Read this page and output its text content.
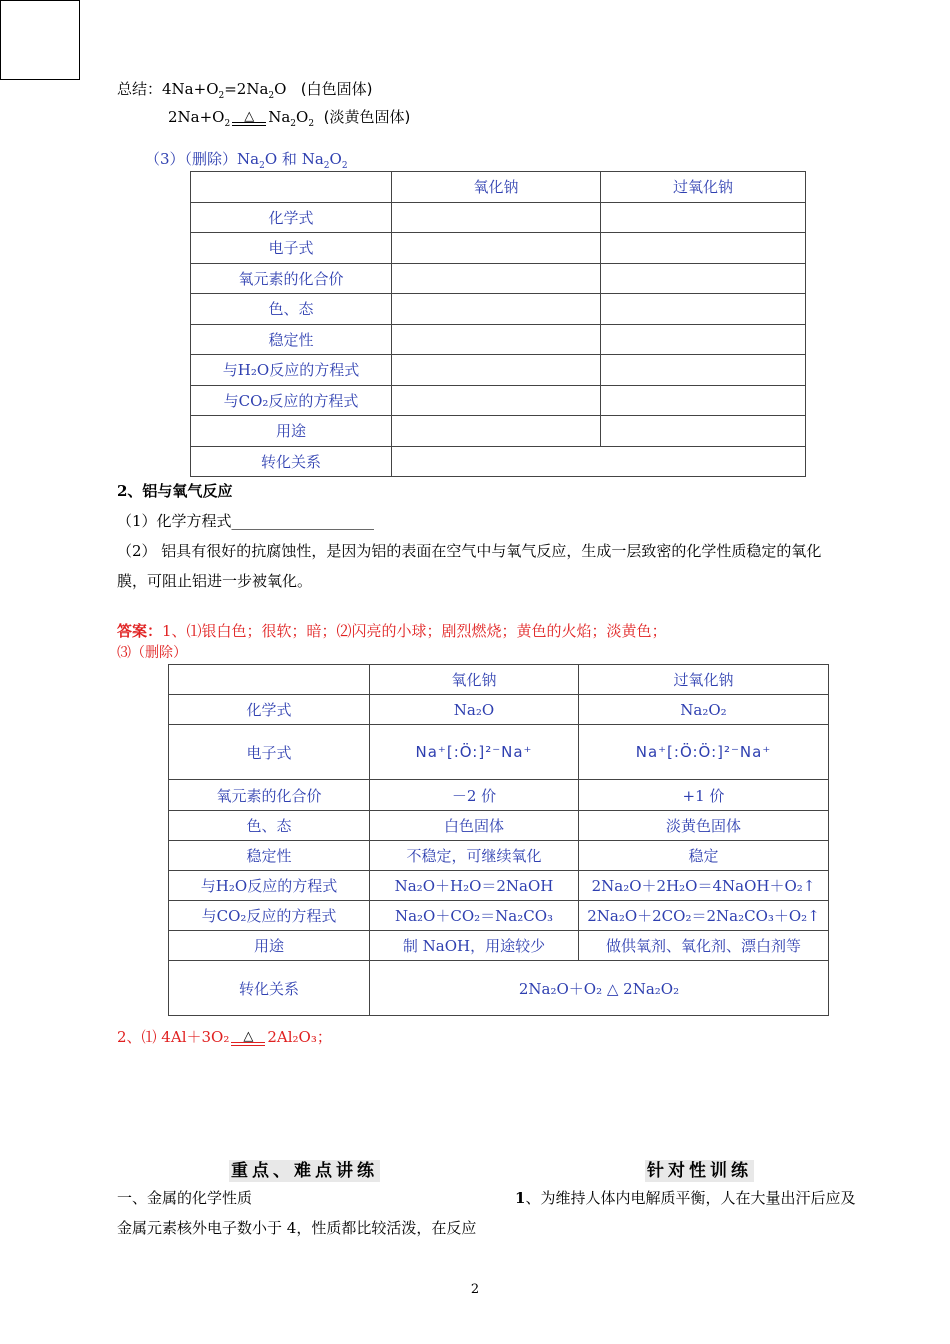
总结：$4Na+O_2=2Na_2O$   (白色固体)
$2Na+O_2$ △ $Na_2O_2$ (淡黄色固体)
（3）（删除）$Na_2O$ 和 $Na_2O_2$
	氧化钠	过氧化钠
化学式		
电子式		
氧元素的化合价		
色、态		
稳定性		
与H₂O反应的方程式		
与CO₂反应的方程式		
用途		
转化关系		
2、铝与氧气反应
（1）化学方程式___________________
（2） 铝具有很好的抗腐蚀性，是因为铝的表面在空气中与氧气反应，生成一层致密的化学性质稳定的氧化
膜，可阻止铝进一步被氧化。
答案：1、⑴银白色；很软；暗；⑵闪亮的小球；剧烈燃烧；黄色的火焰；淡黄色；
⑶（删除）
	氧化钠	过氧化钠
化学式	Na₂O	Na₂O₂
电子式	Na⁺[:Ö:]²⁻Na⁺	Na⁺[:Ö:Ö:]²⁻Na⁺
氧元素的化合价	－2 价	+1 价
色、态	白色固体	淡黄色固体
稳定性	不稳定，可继续氧化	稳定
与H₂O反应的方程式	Na₂O＋H₂O＝2NaOH	2Na₂O＋2H₂O＝4NaOH＋O₂↑
与CO₂反应的方程式	Na₂O＋CO₂＝Na₂CO₃	2Na₂O＋2CO₂＝2Na₂CO₃＋O₂↑
用途	制 NaOH，用途较少	做供氧剂、氧化剂、漂白剂等
转化关系	2Na₂O＋O₂ △ 2Na₂O₂	
2、⑴ 4Al＋3O₂ △ 2Al₂O₃；
重点、难点讲练	针对性训练
一、金属的化学性质
金属元素核外电子数小于 4，性质都比较活泼，在反应
1、为维持人体内电解质平衡，人在大量出汗后应及
2
